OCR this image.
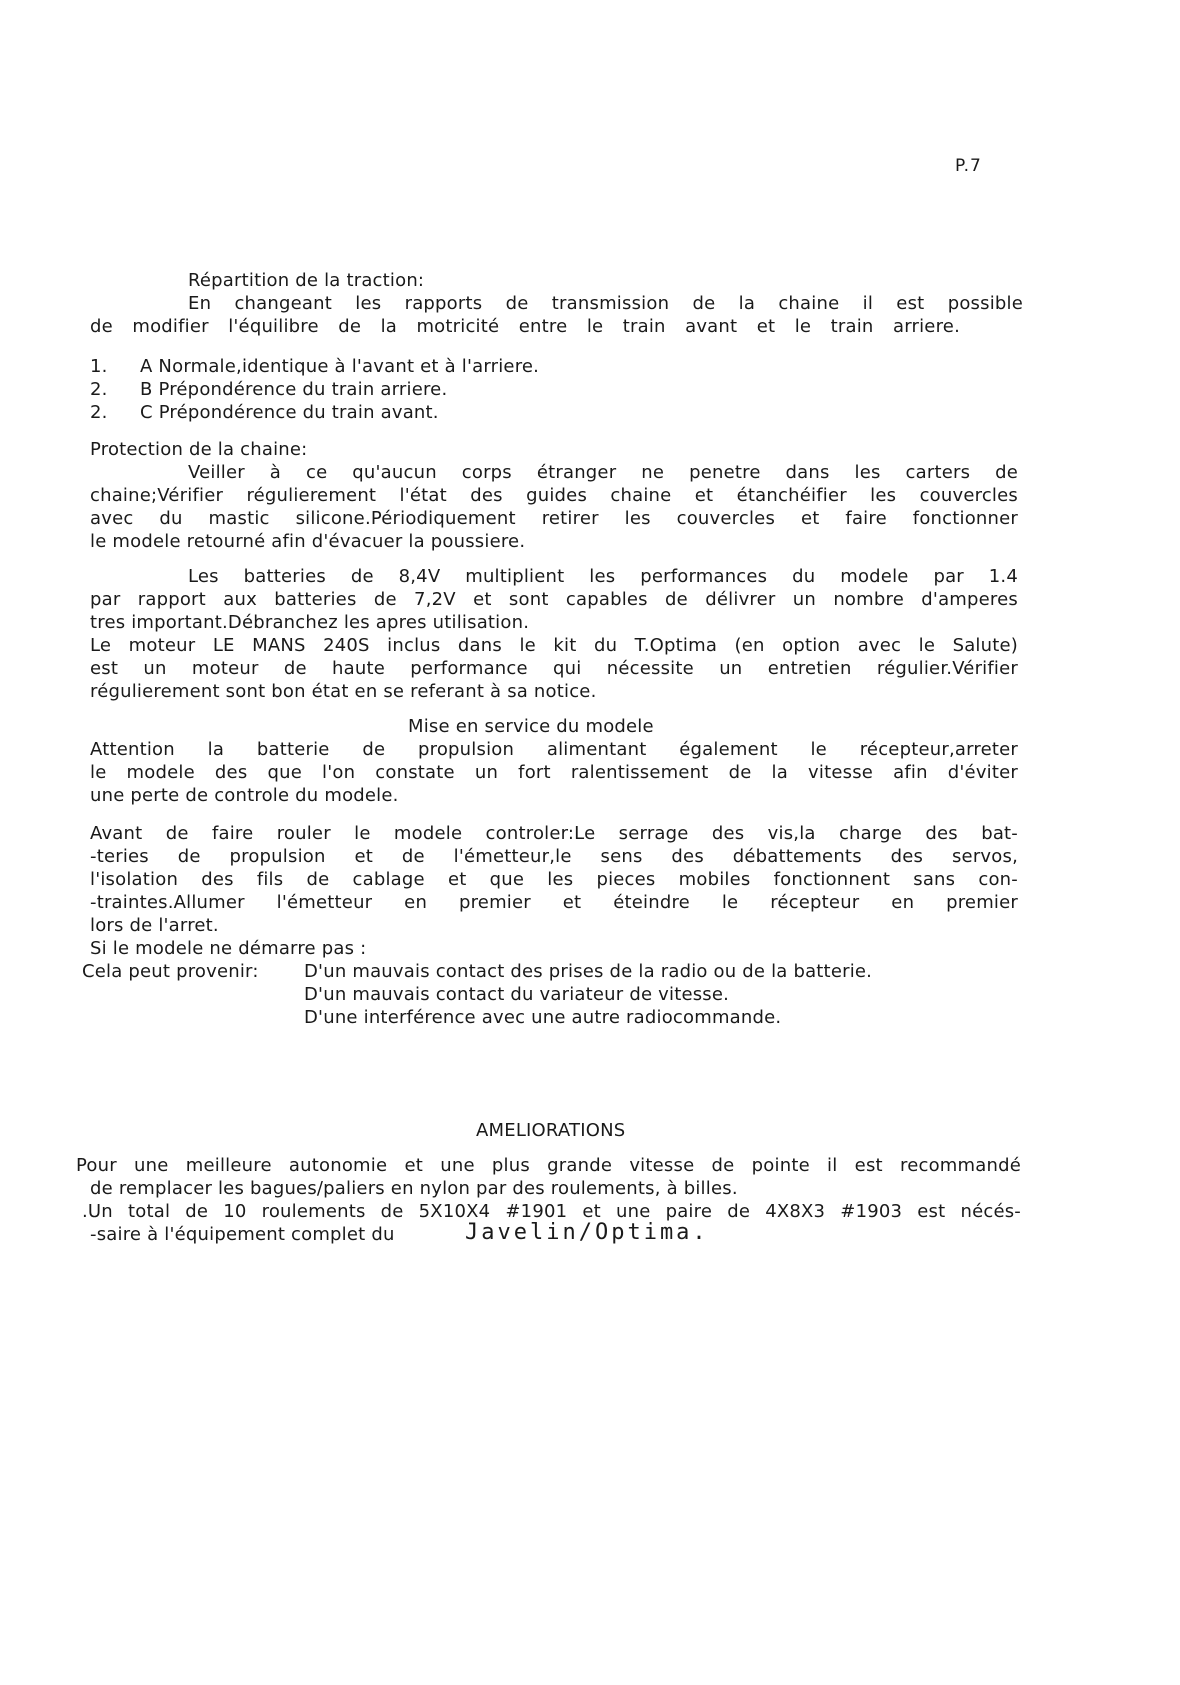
P.7
Répartition de la traction:
En changeant les rapports de transmission de la chaine il est possible
de modifier l'équilibre de la motricité entre le train avant et le train arriere.
1. A Normale,identique à l'avant et à l'arriere.
2. B Prépondérence du train arriere.
2. C Prépondérence du train avant.
Protection de la chaine:
Veiller à ce qu'aucun corps étranger ne penetre dans les carters de
chaine;Vérifier régulierement l'état des guides chaine et étanchéifier les couvercles
avec du mastic silicone.Périodiquement retirer les couvercles et faire fonctionner
le modele retourné afin d'évacuer la poussiere.
Les batteries de 8,4V multiplient les performances du modele par 1.4
par rapport aux batteries de 7,2V et sont capables de délivrer un nombre d'amperes
tres important.Débranchez les apres utilisation.
Le moteur LE MANS 240S inclus dans le kit du T.Optima (en option avec le Salute)
est un moteur de haute performance qui nécessite un entretien régulier.Vérifier
régulierement sont bon état en se referant à sa notice.
Mise en service du modele
Attention la batterie de propulsion alimentant également le récepteur,arreter
le modele des que l'on constate un fort ralentissement de la vitesse afin d'éviter
une perte de controle du modele.
Avant de faire rouler le modele controler:Le serrage des vis,la charge des bat-
-teries de propulsion et de l'émetteur,le sens des débattements des servos,
l'isolation des fils de cablage et que les pieces mobiles fonctionnent sans con-
-traintes.Allumer l'émetteur en premier et éteindre le récepteur en premier
lors de l'arret.
Si le modele ne démarre pas :
Cela peut provenir:	D'un mauvais contact des prises de la radio ou de la batterie.
D'un mauvais contact du variateur de vitesse.
D'une interférence avec une autre radiocommande.
AMELIORATIONS
Pour une meilleure autonomie et une plus grande vitesse de pointe il est recommandé
de remplacer les bagues/paliers en nylon par des roulements, à billes.
.Un total de 10 roulements de 5X10X4 #1901 et une paire de 4X8X3 #1903 est nécés-
-saire à l'équipement complet du	Javelin/Optima.
